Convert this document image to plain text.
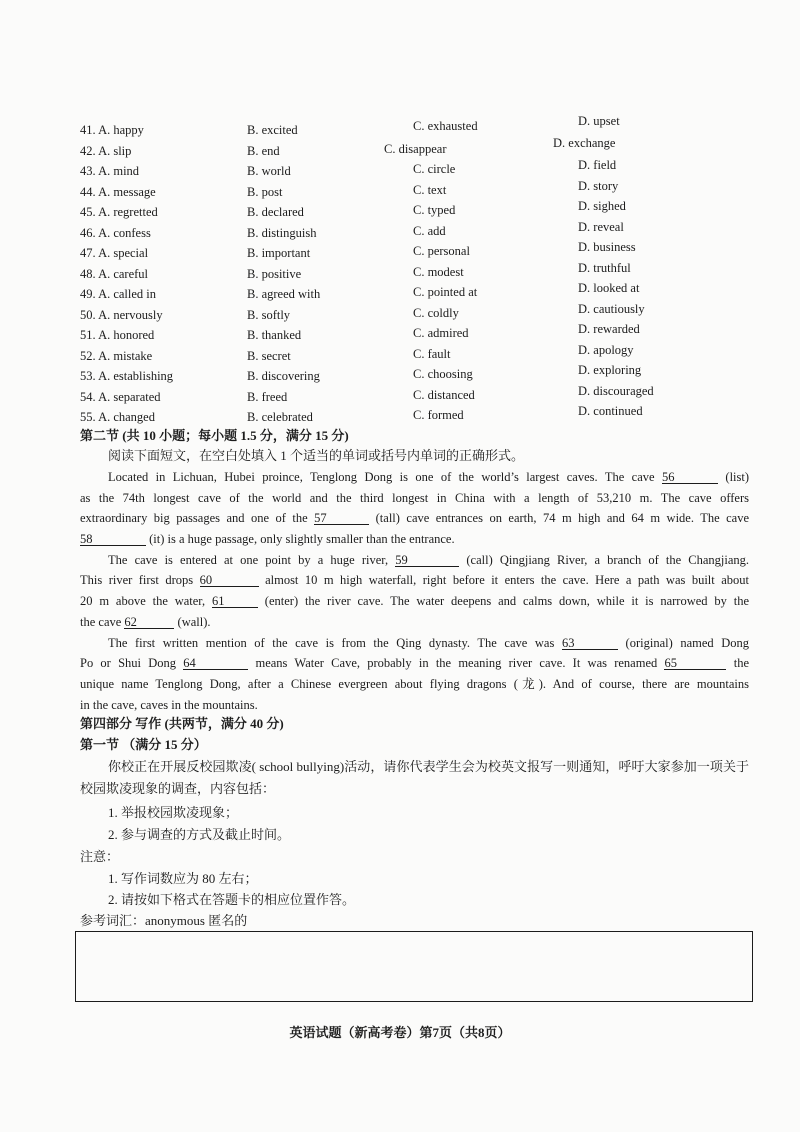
41. A. happy	B. excited	C. exhausted	D. upset
42. A. slip	B. end	C. disappear	D. exchange
43. A. mind	B. world	C. circle	D. field
44. A. message	B. post	C. text	D. story
45. A. regretted	B. declared	C. typed	D. sighed
46. A. confess	B. distinguish	C. add	D. reveal
47. A. special	B. important	C. personal	D. business
48. A. careful	B. positive	C. modest	D. truthful
49. A. called in	B. agreed with	C. pointed at	D. looked at
50. A. nervously	B. softly	C. coldly	D. cautiously
51. A. honored	B. thanked	C. admired	D. rewarded
52. A. mistake	B. secret	C. fault	D. apology
53. A. establishing	B. discovering	C. choosing	D. exploring
54. A. separated	B. freed	C. distanced	D. discouraged
55. A. changed	B. celebrated	C. formed	D. continued
第二节 (共 10 小题；每小题 1.5 分，满分 15 分)
阅读下面短文，在空白处填入 1 个适当的单词或括号内单词的正确形式。
Located in Lichuan, Hubei proince, Tenglong Dong is one of the world’s largest caves. The cave 56	(list)
as the 74th longest cave of the world and the third longest in China with a length of 53,210 m. The cave offers
extraordinary big passages and one of the 57	(tall) cave entrances on earth, 74 m high and 64 m wide. The cave
58	(it) is a huge passage, only slightly smaller than the entrance.
The cave is entered at one point by a huge river, 59	(call) Qingjiang River, a branch of the Changjiang.
This river first drops 60	almost 10 m high waterfall, right before it enters the cave. Here a path was built about
20 m above the water, 61	(enter) the river cave. The water deepens and calms down, while it is narrowed by the
the cave 62	(wall).
The first written mention of the cave is from the Qing dynasty. The cave was 63	(original) named Dong
Po or Shui Dong 64	means Water Cave, probably in the meaning river cave. It was renamed 65	the
unique name Tenglong Dong, after a Chinese evergreen about flying dragons (龙). And of course, there are mountains
in the cave, caves in the mountains.
第四部分 写作 (共两节，满分 40 分)
第一节 （满分 15 分）
你校正在开展反校园欺凌( school bullying)活动，请你代表学生会为校英文报写一则通知，呼吁大家参加一项关于校园欺凌现象的调查，内容包括：
1. 举报校园欺凌现象；
2. 参与调查的方式及截止时间。
注意：
1. 写作词数应为 80 左右；
2. 请按如下格式在答题卡的相应位置作答。
参考词汇：anonymous 匿名的
英语试题（新高考卷）第7页（共8页）
